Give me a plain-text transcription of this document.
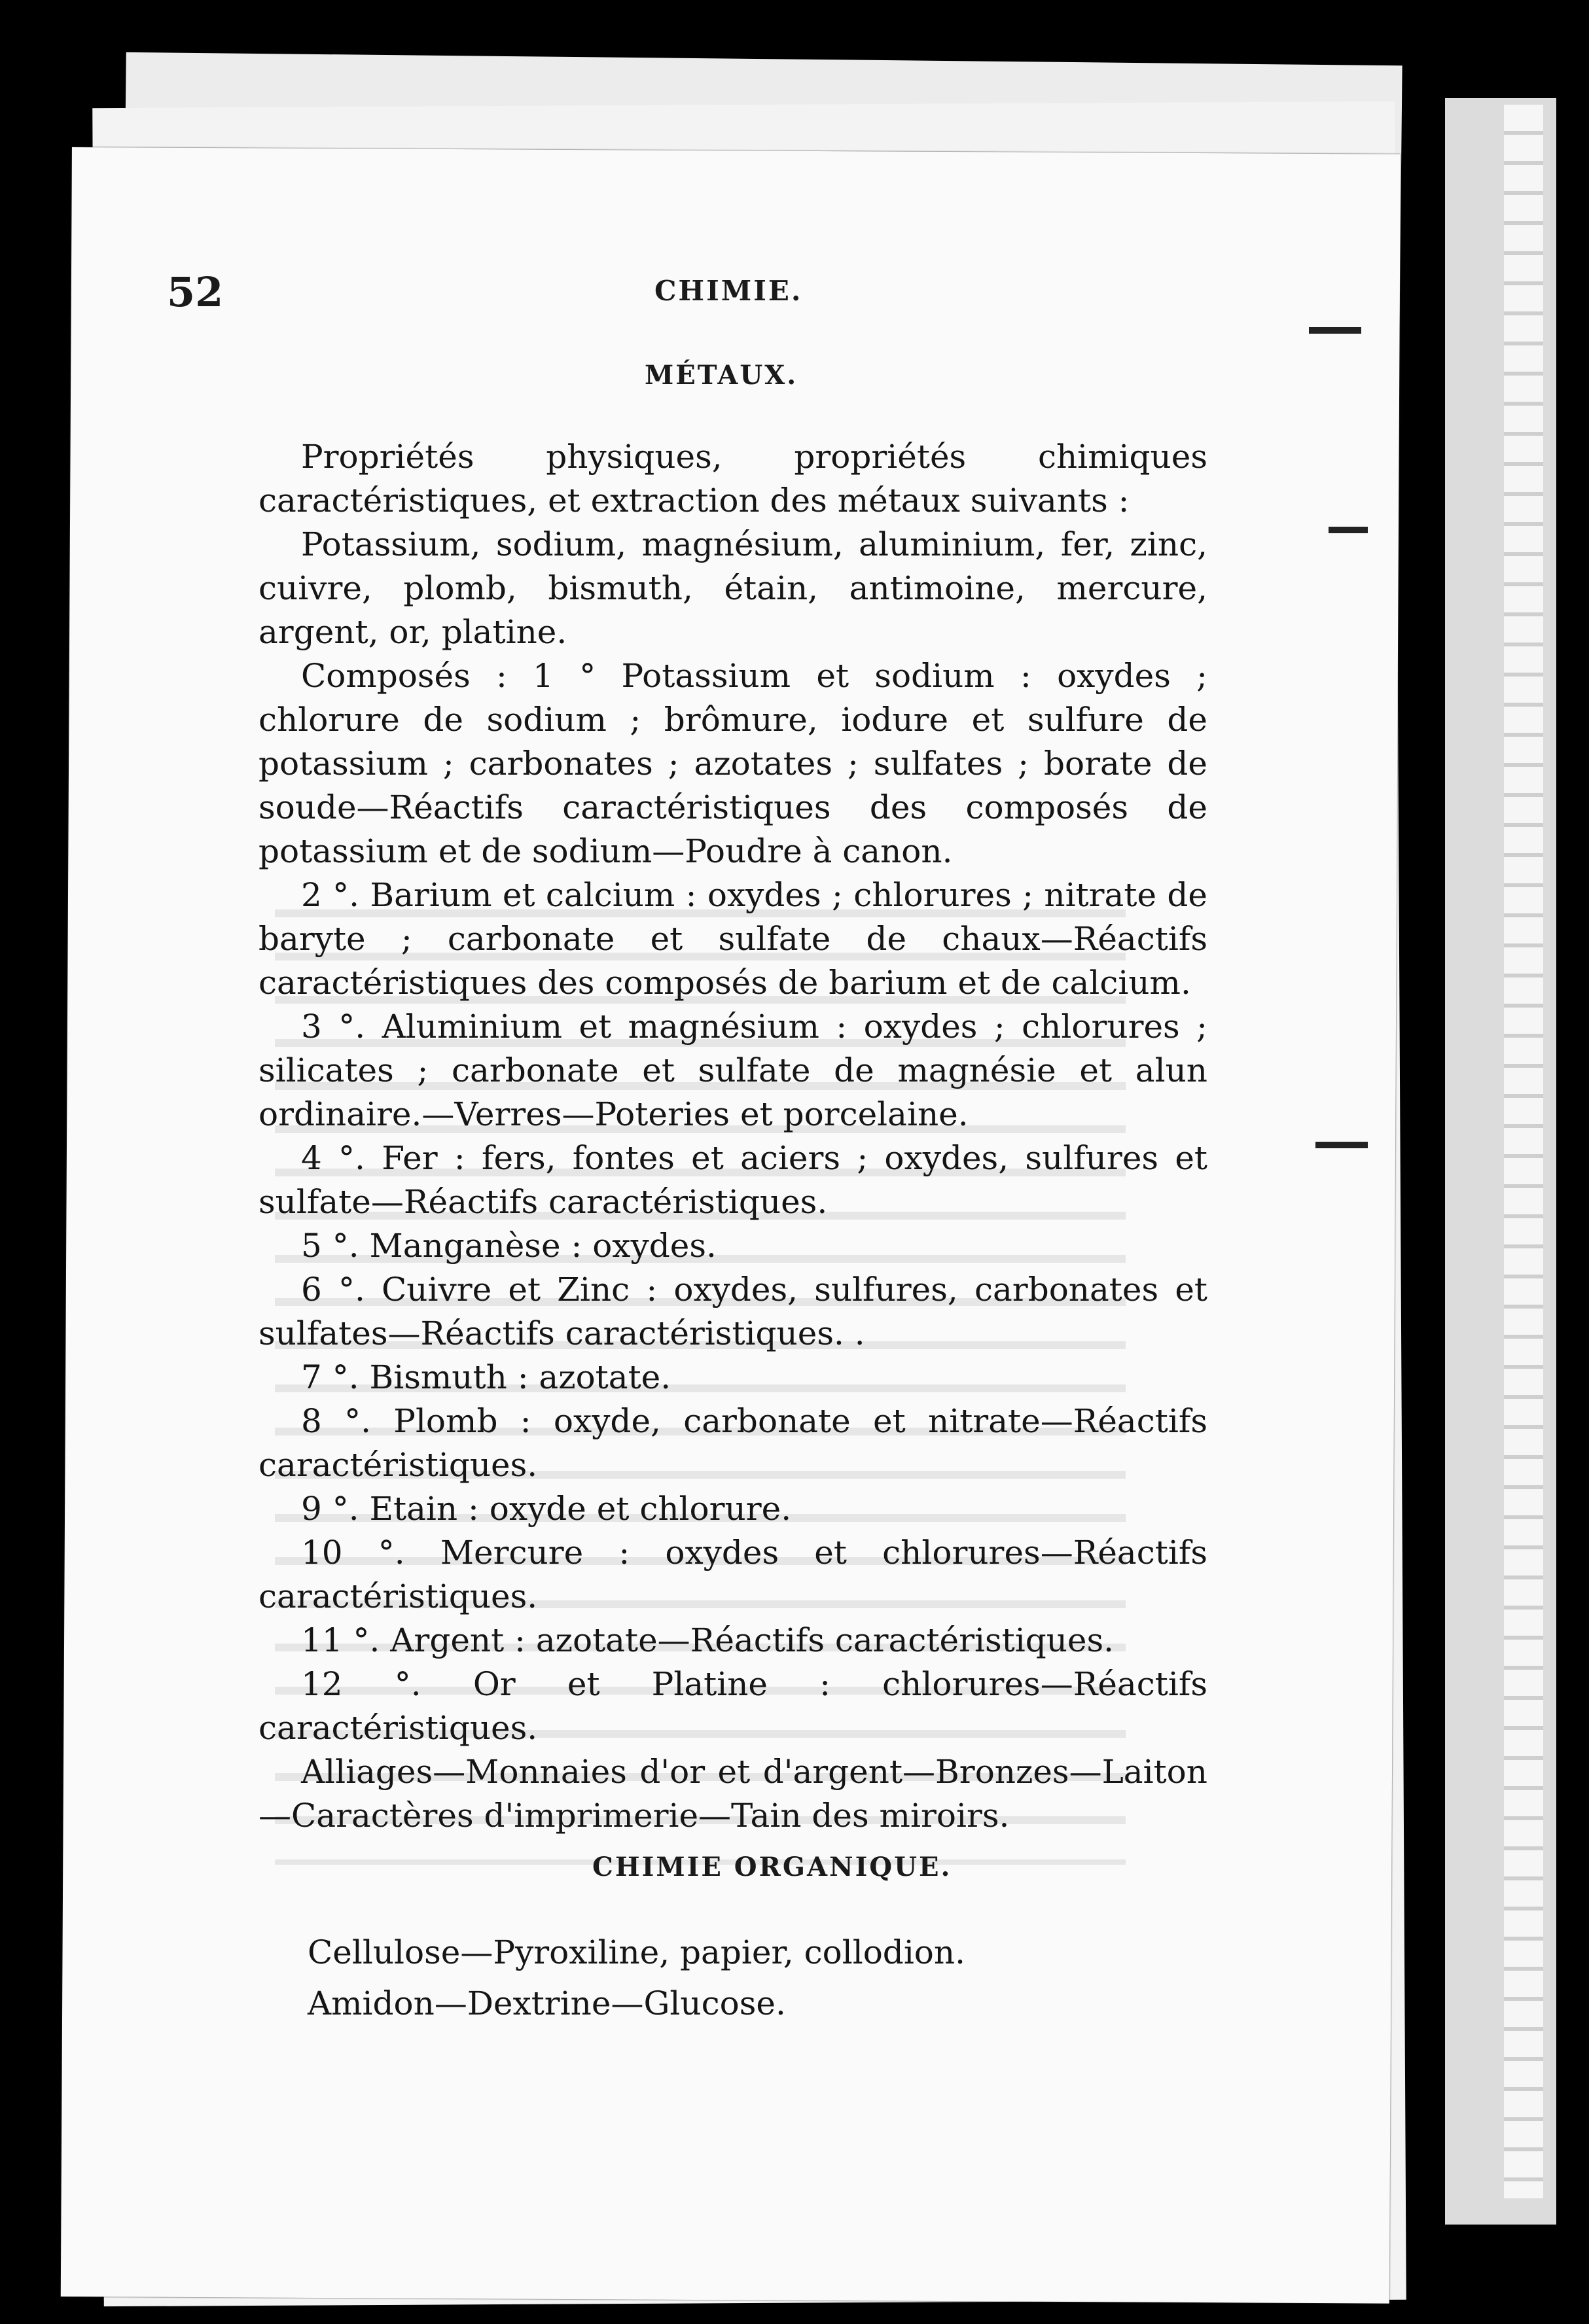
52	CHIMIE.
MÉTAUX.

Propriétés physiques, propriétés chimiques caractéristiques, et extraction des métaux suivants :

Potassium, sodium, magnésium, aluminium, fer, zinc, cuivre, plomb, bismuth, étain, antimoine, mercure, argent, or, platine.

Composés : 1 ° Potassium et sodium : oxydes ; chlorure de sodium ; brômure, iodure et sulfure de potassium ; carbonates ; azotates ; sulfates ; borate de soude—Réactifs caractéristiques des composés de potassium et de sodium—Poudre à canon.

2 °. Barium et calcium : oxydes ; chlorures ; nitrate de baryte ; carbonate et sulfate de chaux—Réactifs caractéristiques des composés de barium et de calcium.

3 °. Aluminium et magnésium : oxydes ; chlorures ; silicates ; carbonate et sulfate de magnésie et alun ordinaire.—Verres—Poteries et porcelaine.

4 °. Fer : fers, fontes et aciers ; oxydes, sulfures et sulfate—Réactifs caractéristiques.

5 °. Manganèse : oxydes.

6 °. Cuivre et Zinc : oxydes, sulfures, carbonates et sulfates—Réactifs caractéristiques. .

7 °. Bismuth : azotate.

8 °. Plomb : oxyde, carbonate et nitrate—Réactifs caractéristiques.

9 °. Etain : oxyde et chlorure.

10 °. Mercure : oxydes et chlorures—Réactifs caractéristiques.

11 °. Argent : azotate—Réactifs caractéristiques.

12 °. Or et Platine : chlorures—Réactifs caractéristiques.

Alliages—Monnaies d'or et d'argent—Bronzes—Laiton—Caractères d'imprimerie—Tain des miroirs.

CHIMIE ORGANIQUE.

Cellulose—Pyroxiline, papier, collodion.

Amidon—Dextrine—Glucose.
